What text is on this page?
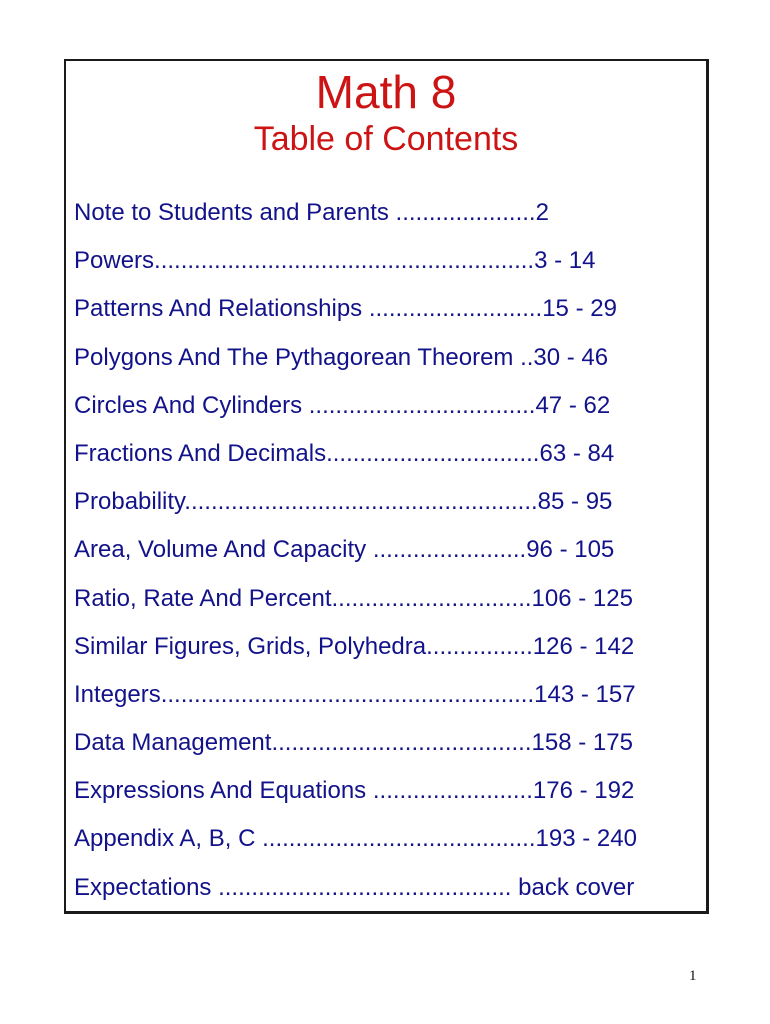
Math 8
Table of Contents
Note to Students and Parents .....................2
Powers.........................................................3 - 14
Patterns And Relationships ..........................15 - 29
Polygons And The Pythagorean Theorem ..30 - 46
Circles And Cylinders ..................................47 - 62
Fractions And Decimals................................63 - 84
Probability.....................................................85 - 95
Area, Volume And Capacity .......................96 - 105
Ratio, Rate And Percent..............................106 - 125
Similar Figures, Grids, Polyhedra................126 - 142
Integers........................................................143 - 157
Data Management.......................................158 - 175
Expressions And Equations ........................176 - 192
Appendix A, B, C .........................................193 - 240
Expectations ............................................ back cover
1
